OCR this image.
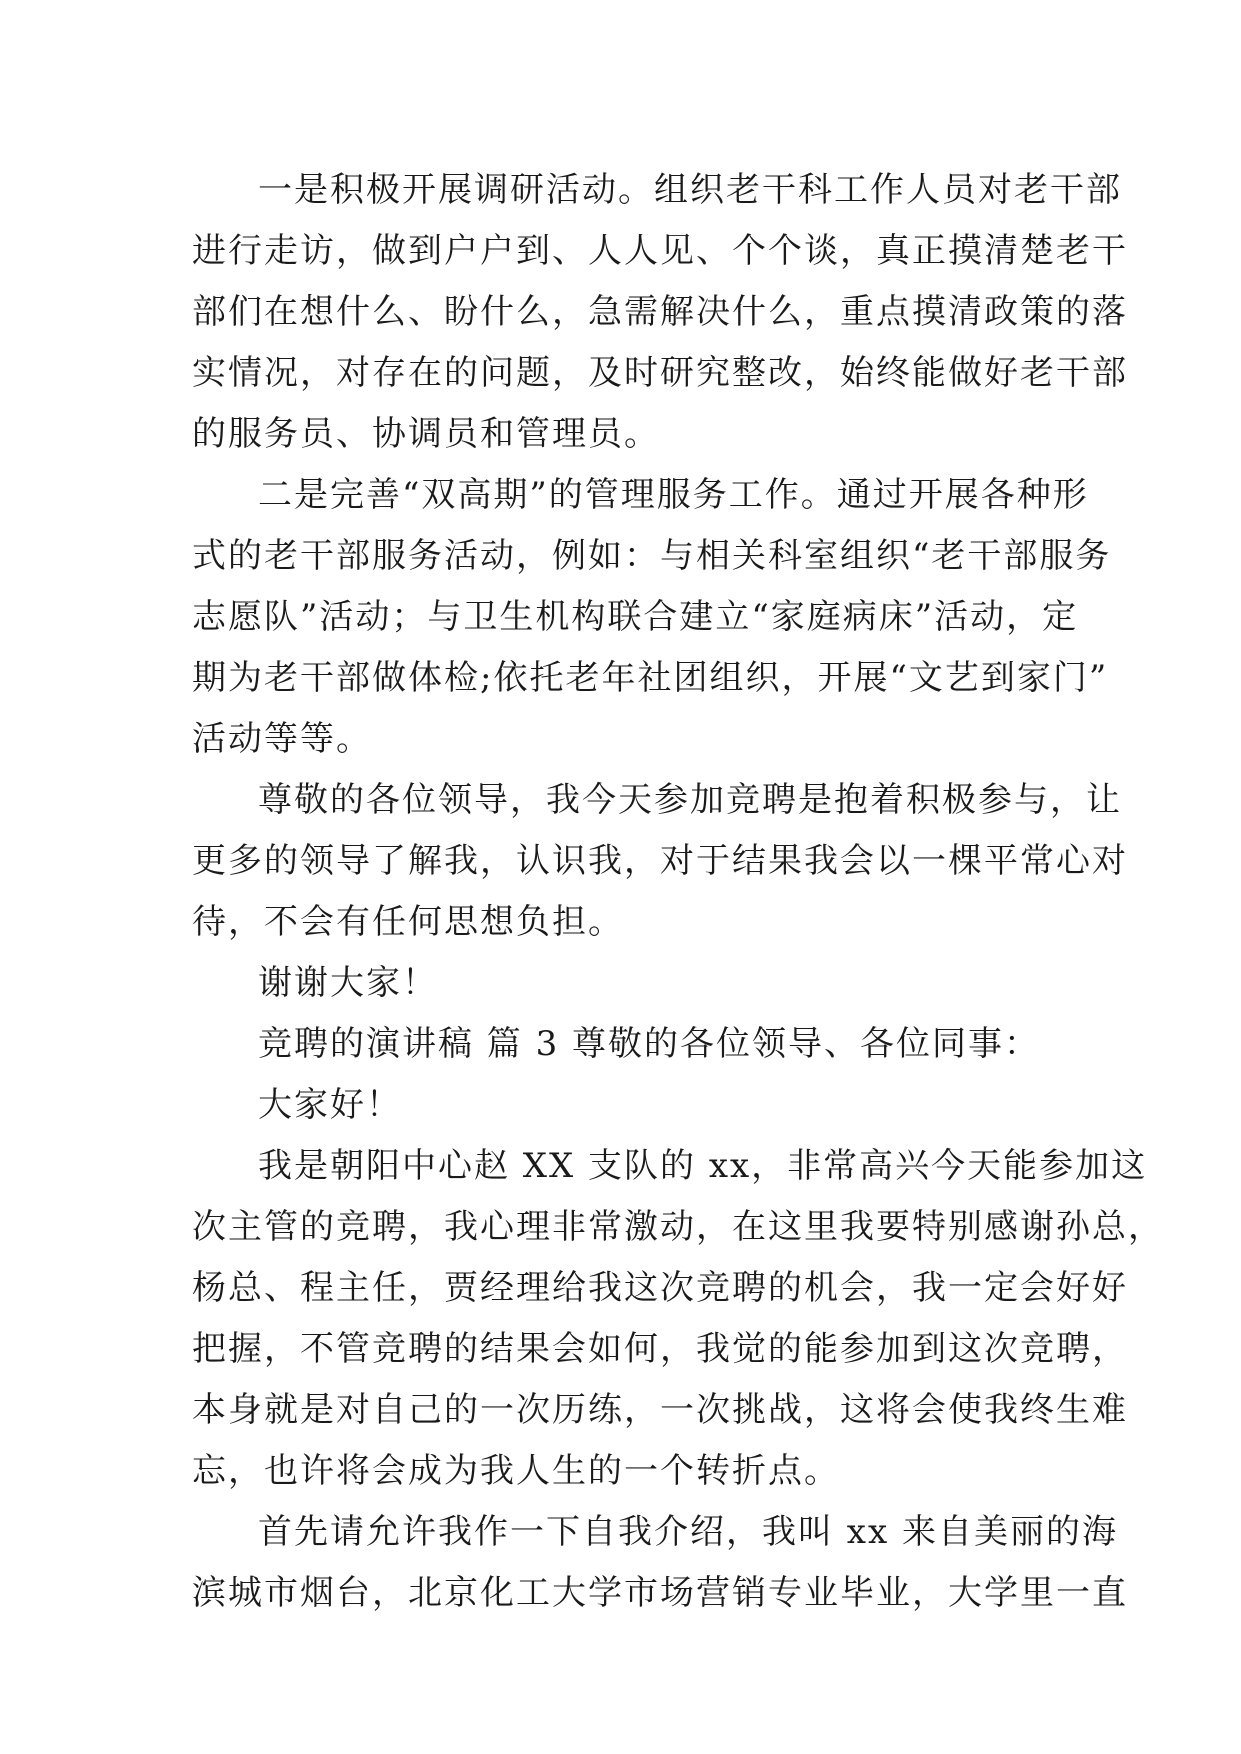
一是积极开展调研活动。组织老干科工作人员对老干部
进行走访，做到户户到、人人见、个个谈，真正摸清楚老干
部们在想什么、盼什么，急需解决什么，重点摸清政策的落
实情况，对存在的问题，及时研究整改，始终能做好老干部
的服务员、协调员和管理员。
二是完善“双高期”的管理服务工作。通过开展各种形
式的老干部服务活动，例如：与相关科室组织“老干部服务
志愿队”活动；与卫生机构联合建立“家庭病床”活动，定
期为老干部做体检;依托老年社团组织，开展“文艺到家门”
活动等等。
尊敬的各位领导，我今天参加竞聘是抱着积极参与，让
更多的领导了解我，认识我，对于结果我会以一棵平常心对
待，不会有任何思想负担。
谢谢大家！
竞聘的演讲稿 篇 3 尊敬的各位领导、各位同事：
大家好！
我是朝阳中心赵 XX 支队的 xx，非常高兴今天能参加这
次主管的竞聘，我心理非常激动，在这里我要特别感谢孙总，
杨总、程主任，贾经理给我这次竞聘的机会，我一定会好好
把握，不管竞聘的结果会如何，我觉的能参加到这次竞聘，
本身就是对自己的一次历练，一次挑战，这将会使我终生难
忘，也许将会成为我人生的一个转折点。
首先请允许我作一下自我介绍，我叫 xx 来自美丽的海
滨城市烟台，北京化工大学市场营销专业毕业，大学里一直
